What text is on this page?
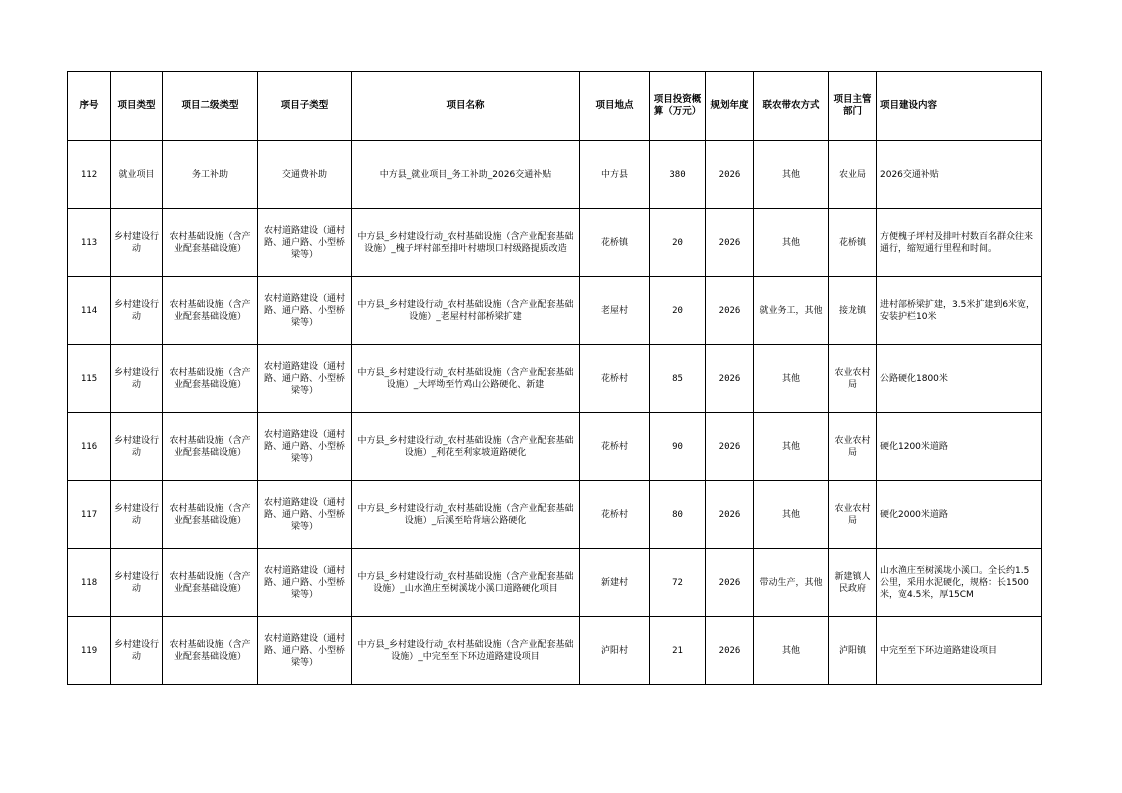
序号	项目类型	项目二级类型	项目子类型	项目名称	项目地点	项目投资概算（万元）	规划年度	联农带农方式	项目主管部门	项目建设内容
112	就业项目	务工补助	交通费补助	中方县_就业项目_务工补助_2026交通补贴	中方县	380	2026	其他	农业局	2026交通补贴
113	乡村建设行动	农村基础设施（含产业配套基础设施）	农村道路建设（通村路、通户路、小型桥梁等）	中方县_乡村建设行动_农村基础设施（含产业配套基础设施）_槐子坪村部至排叶村塘坝口村级路提质改造	花桥镇	20	2026	其他	花桥镇	方便槐子坪村及排叶村数百名群众往来通行，缩短通行里程和时间。
114	乡村建设行动	农村基础设施（含产业配套基础设施）	农村道路建设（通村路、通户路、小型桥梁等）	中方县_乡村建设行动_农村基础设施（含产业配套基础设施）_老屋村村部桥梁扩建	老屋村	20	2026	就业务工，其他	接龙镇	进村部桥梁扩建，3.5米扩建到6米宽，安装护栏10米
115	乡村建设行动	农村基础设施（含产业配套基础设施）	农村道路建设（通村路、通户路、小型桥梁等）	中方县_乡村建设行动_农村基础设施（含产业配套基础设施）_大坪坳至竹鸡山公路硬化、新建	花桥村	85	2026	其他	农业农村局	公路硬化1800米
116	乡村建设行动	农村基础设施（含产业配套基础设施）	农村道路建设（通村路、通户路、小型桥梁等）	中方县_乡村建设行动_农村基础设施（含产业配套基础设施）_利花至利家坡道路硬化	花桥村	90	2026	其他	农业农村局	硬化1200米道路
117	乡村建设行动	农村基础设施（含产业配套基础设施）	农村道路建设（通村路、通户路、小型桥梁等）	中方县_乡村建设行动_农村基础设施（含产业配套基础设施）_后溪至哈背垴公路硬化	花桥村	80	2026	其他	农业农村局	硬化2000米道路
118	乡村建设行动	农村基础设施（含产业配套基础设施）	农村道路建设（通村路、通户路、小型桥梁等）	中方县_乡村建设行动_农村基础设施（含产业配套基础设施）_山水渔庄至树溪垅小溪口道路硬化项目	新建村	72	2026	带动生产，其他	新建镇人民政府	山水渔庄至树溪垅小溪口。全长约1.5公里，采用水泥硬化，规格：长1500米，宽4.5米，厚15CM
119	乡村建设行动	农村基础设施（含产业配套基础设施）	农村道路建设（通村路、通户路、小型桥梁等）	中方县_乡村建设行动_农村基础设施（含产业配套基础设施）_中完至至下环边道路建设项目	泸阳村	21	2026	其他	泸阳镇	中完至至下环边道路建设项目
